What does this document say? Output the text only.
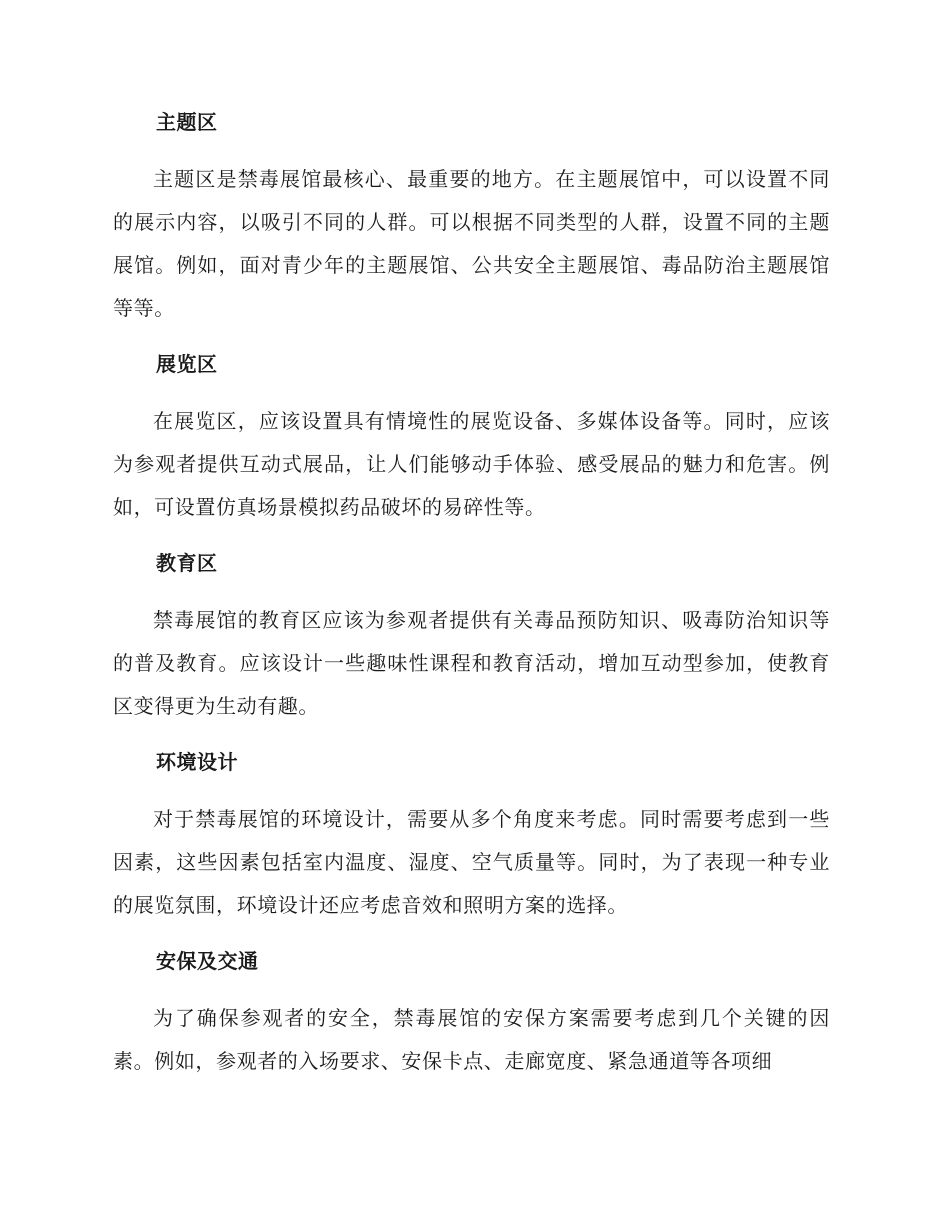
主题区

主题区是禁毒展馆最核心、最重要的地方。在主题展馆中，可以设置不同的展示内容，以吸引不同的人群。可以根据不同类型的人群，设置不同的主题展馆。例如，面对青少年的主题展馆、公共安全主题展馆、毒品防治主题展馆等等。

展览区

在展览区，应该设置具有情境性的展览设备、多媒体设备等。同时，应该为参观者提供互动式展品，让人们能够动手体验、感受展品的魅力和危害。例如，可设置仿真场景模拟药品破坏的易碎性等。

教育区

禁毒展馆的教育区应该为参观者提供有关毒品预防知识、吸毒防治知识等的普及教育。应该设计一些趣味性课程和教育活动，增加互动型参加，使教育区变得更为生动有趣。

环境设计

对于禁毒展馆的环境设计，需要从多个角度来考虑。同时需要考虑到一些因素，这些因素包括室内温度、湿度、空气质量等。同时，为了表现一种专业的展览氛围，环境设计还应考虑音效和照明方案的选择。

安保及交通

为了确保参观者的安全，禁毒展馆的安保方案需要考虑到几个关键的因素。例如，参观者的入场要求、安保卡点、走廊宽度、紧急通道等各项细
